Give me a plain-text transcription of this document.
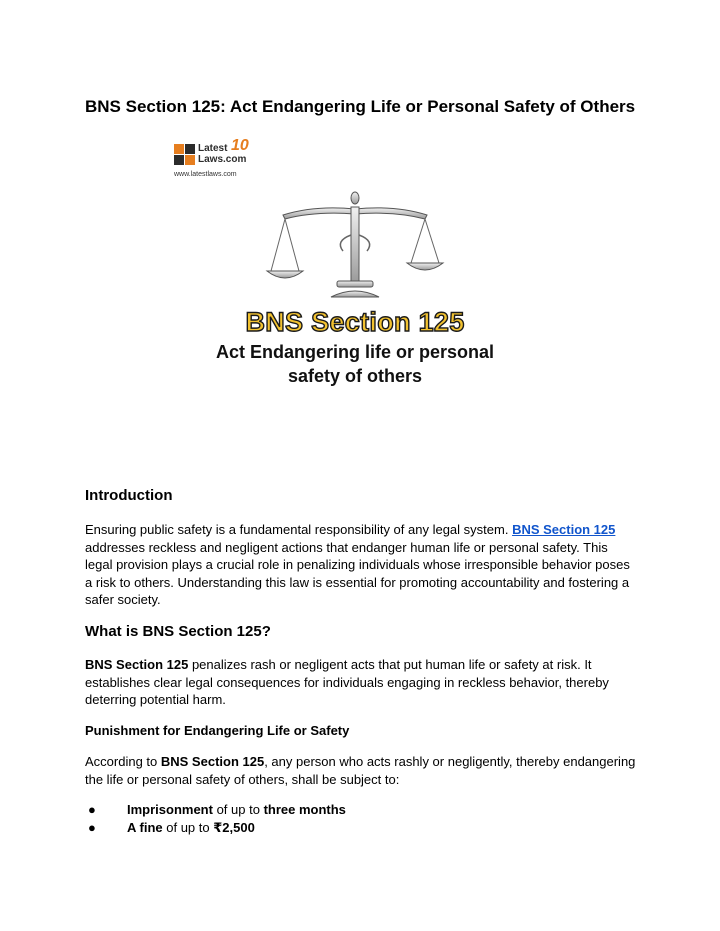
BNS Section 125: Act Endangering Life or Personal Safety of Others
Latest
Laws.com
10
www.latestlaws.com
BNS Section 125

Act Endangering life or personal

safety of others

Introduction

Ensuring public safety is a fundamental responsibility of any legal system. BNS Section 125 addresses reckless and negligent actions that endanger human life or personal safety. This legal provision plays a crucial role in penalizing individuals whose irresponsible behavior poses a risk to others. Understanding this law is essential for promoting accountability and fostering a safer society.

What is BNS Section 125?

BNS Section 125 penalizes rash or negligent acts that put human life or safety at risk. It establishes clear legal consequences for individuals engaging in reckless behavior, thereby deterring potential harm.

Punishment for Endangering Life or Safety

According to BNS Section 125, any person who acts rashly or negligently, thereby endangering the life or personal safety of others, shall be subject to:

● Imprisonment of up to three months
● A fine of up to ₹2,500
